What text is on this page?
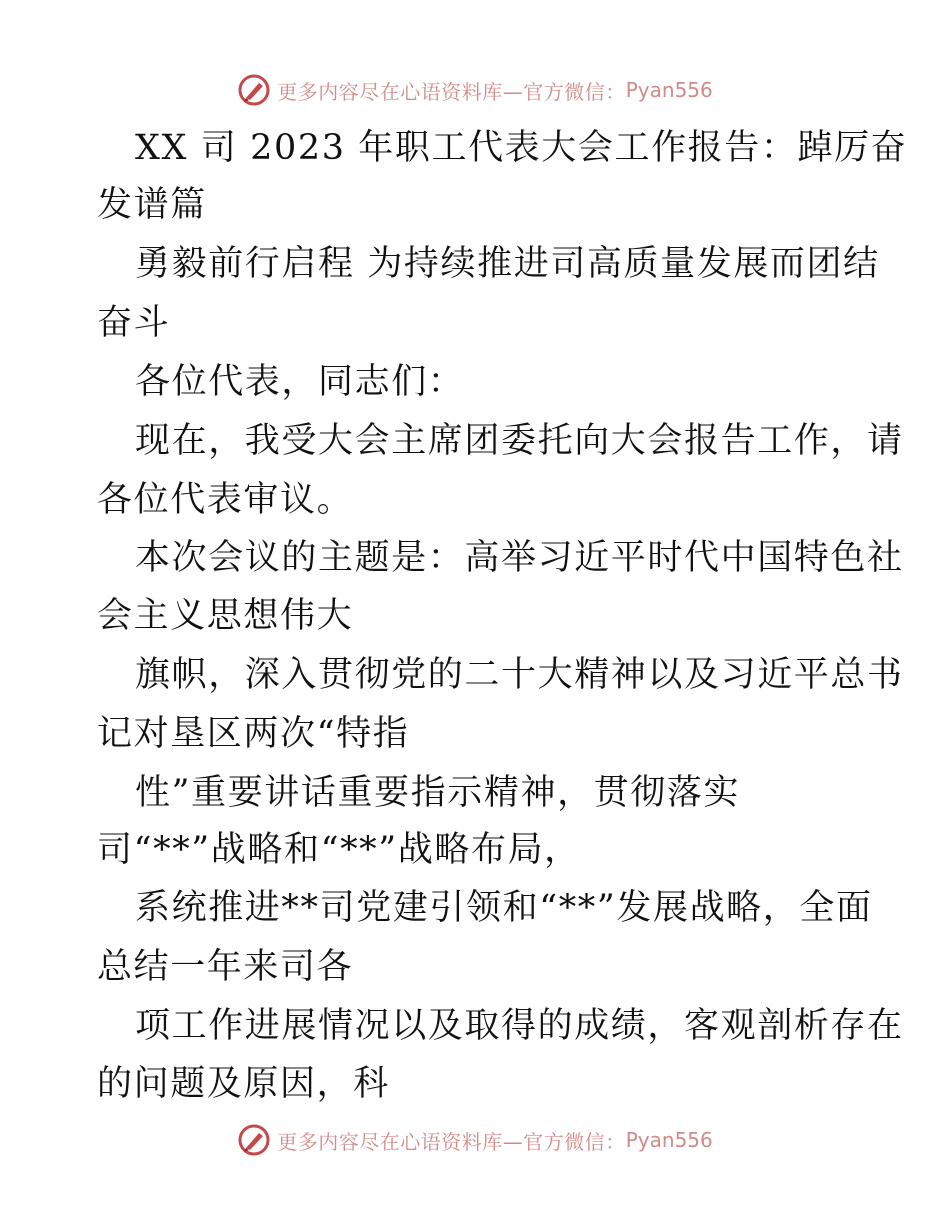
更多内容尽在心语资料库—官方微信： Pyan556
XX 司 2023 年职工代表大会工作报告：踔厉奋
发谱篇
勇毅前行启程 为持续推进司高质量发展而团结
奋斗
各位代表，同志们：
现在，我受大会主席团委托向大会报告工作，请
各位代表审议。
本次会议的主题是：高举习近平时代中国特色社
会主义思想伟大
旗帜，深入贯彻党的二十大精神以及习近平总书
记对垦区两次“特指
性”重要讲话重要指示精神，贯彻落实
司“**”战略和“**”战略布局，
系统推进**司党建引领和“**”发展战略，全面
总结一年来司各
项工作进展情况以及取得的成绩，客观剖析存在
的问题及原因，科
更多内容尽在心语资料库—官方微信： Pyan556
